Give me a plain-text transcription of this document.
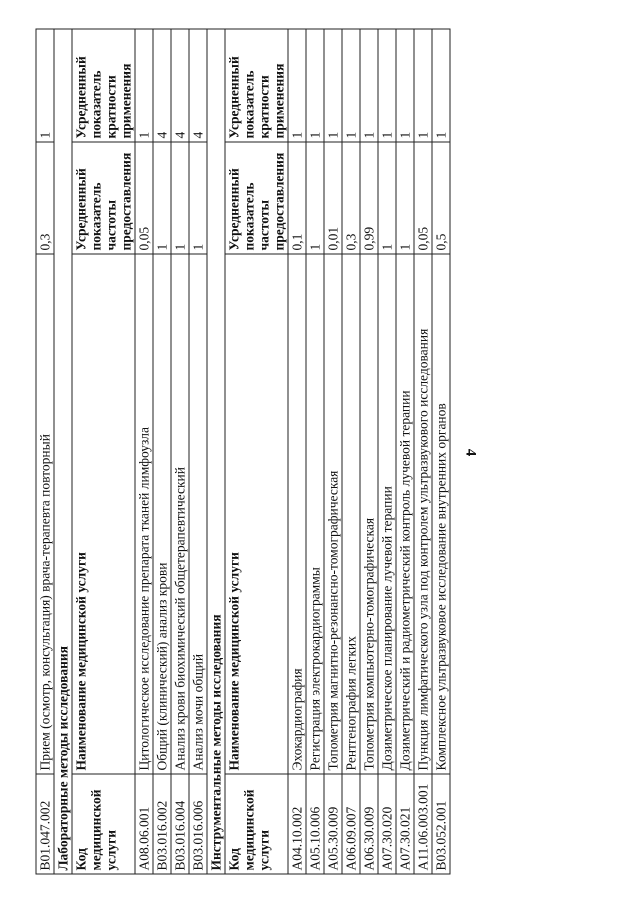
4
B01.047.002	Прием (осмотр, консультация) врача-терапевта повторный	0,3	1
Лабораторные методы исследования			
Код медицинской услуги	Наименование медицинской услуги	Усредненный показатель частоты предоставления	Усредненный показатель кратности применения
A08.06.001	Цитологическое исследование препарата тканей лимфоузла	0,05	1
B03.016.002	Общий (клинический) анализ крови	1	4
B03.016.004	Анализ крови биохимический общетерапевтический	1	4
B03.016.006	Анализ мочи общий	1	4
Инструментальные методы исследования			
Код медицинской услуги	Наименование медицинской услуги	Усредненный показатель частоты предоставления	Усредненный показатель кратности применения
A04.10.002	Эхокардиография	0,1	1
A05.10.006	Регистрация электрокардиограммы	1	1
A05.30.009	Топометрия магнитно-резонансно-томографическая	0,01	1
A06.09.007	Рентгенография легких	0,3	1
A06.30.009	Топометрия компьютерно-томографическая	0,99	1
A07.30.020	Дозиметрическое планирование лучевой терапии	1	1
A07.30.021	Дозиметрический и радиометрический контроль лучевой терапии	1	1
A11.06.003.001	Пункция лимфатического узла под контролем ультразвукового исследования	0,05	1
B03.052.001	Комплексное ультразвуковое исследование внутренних органов	0,5	1
